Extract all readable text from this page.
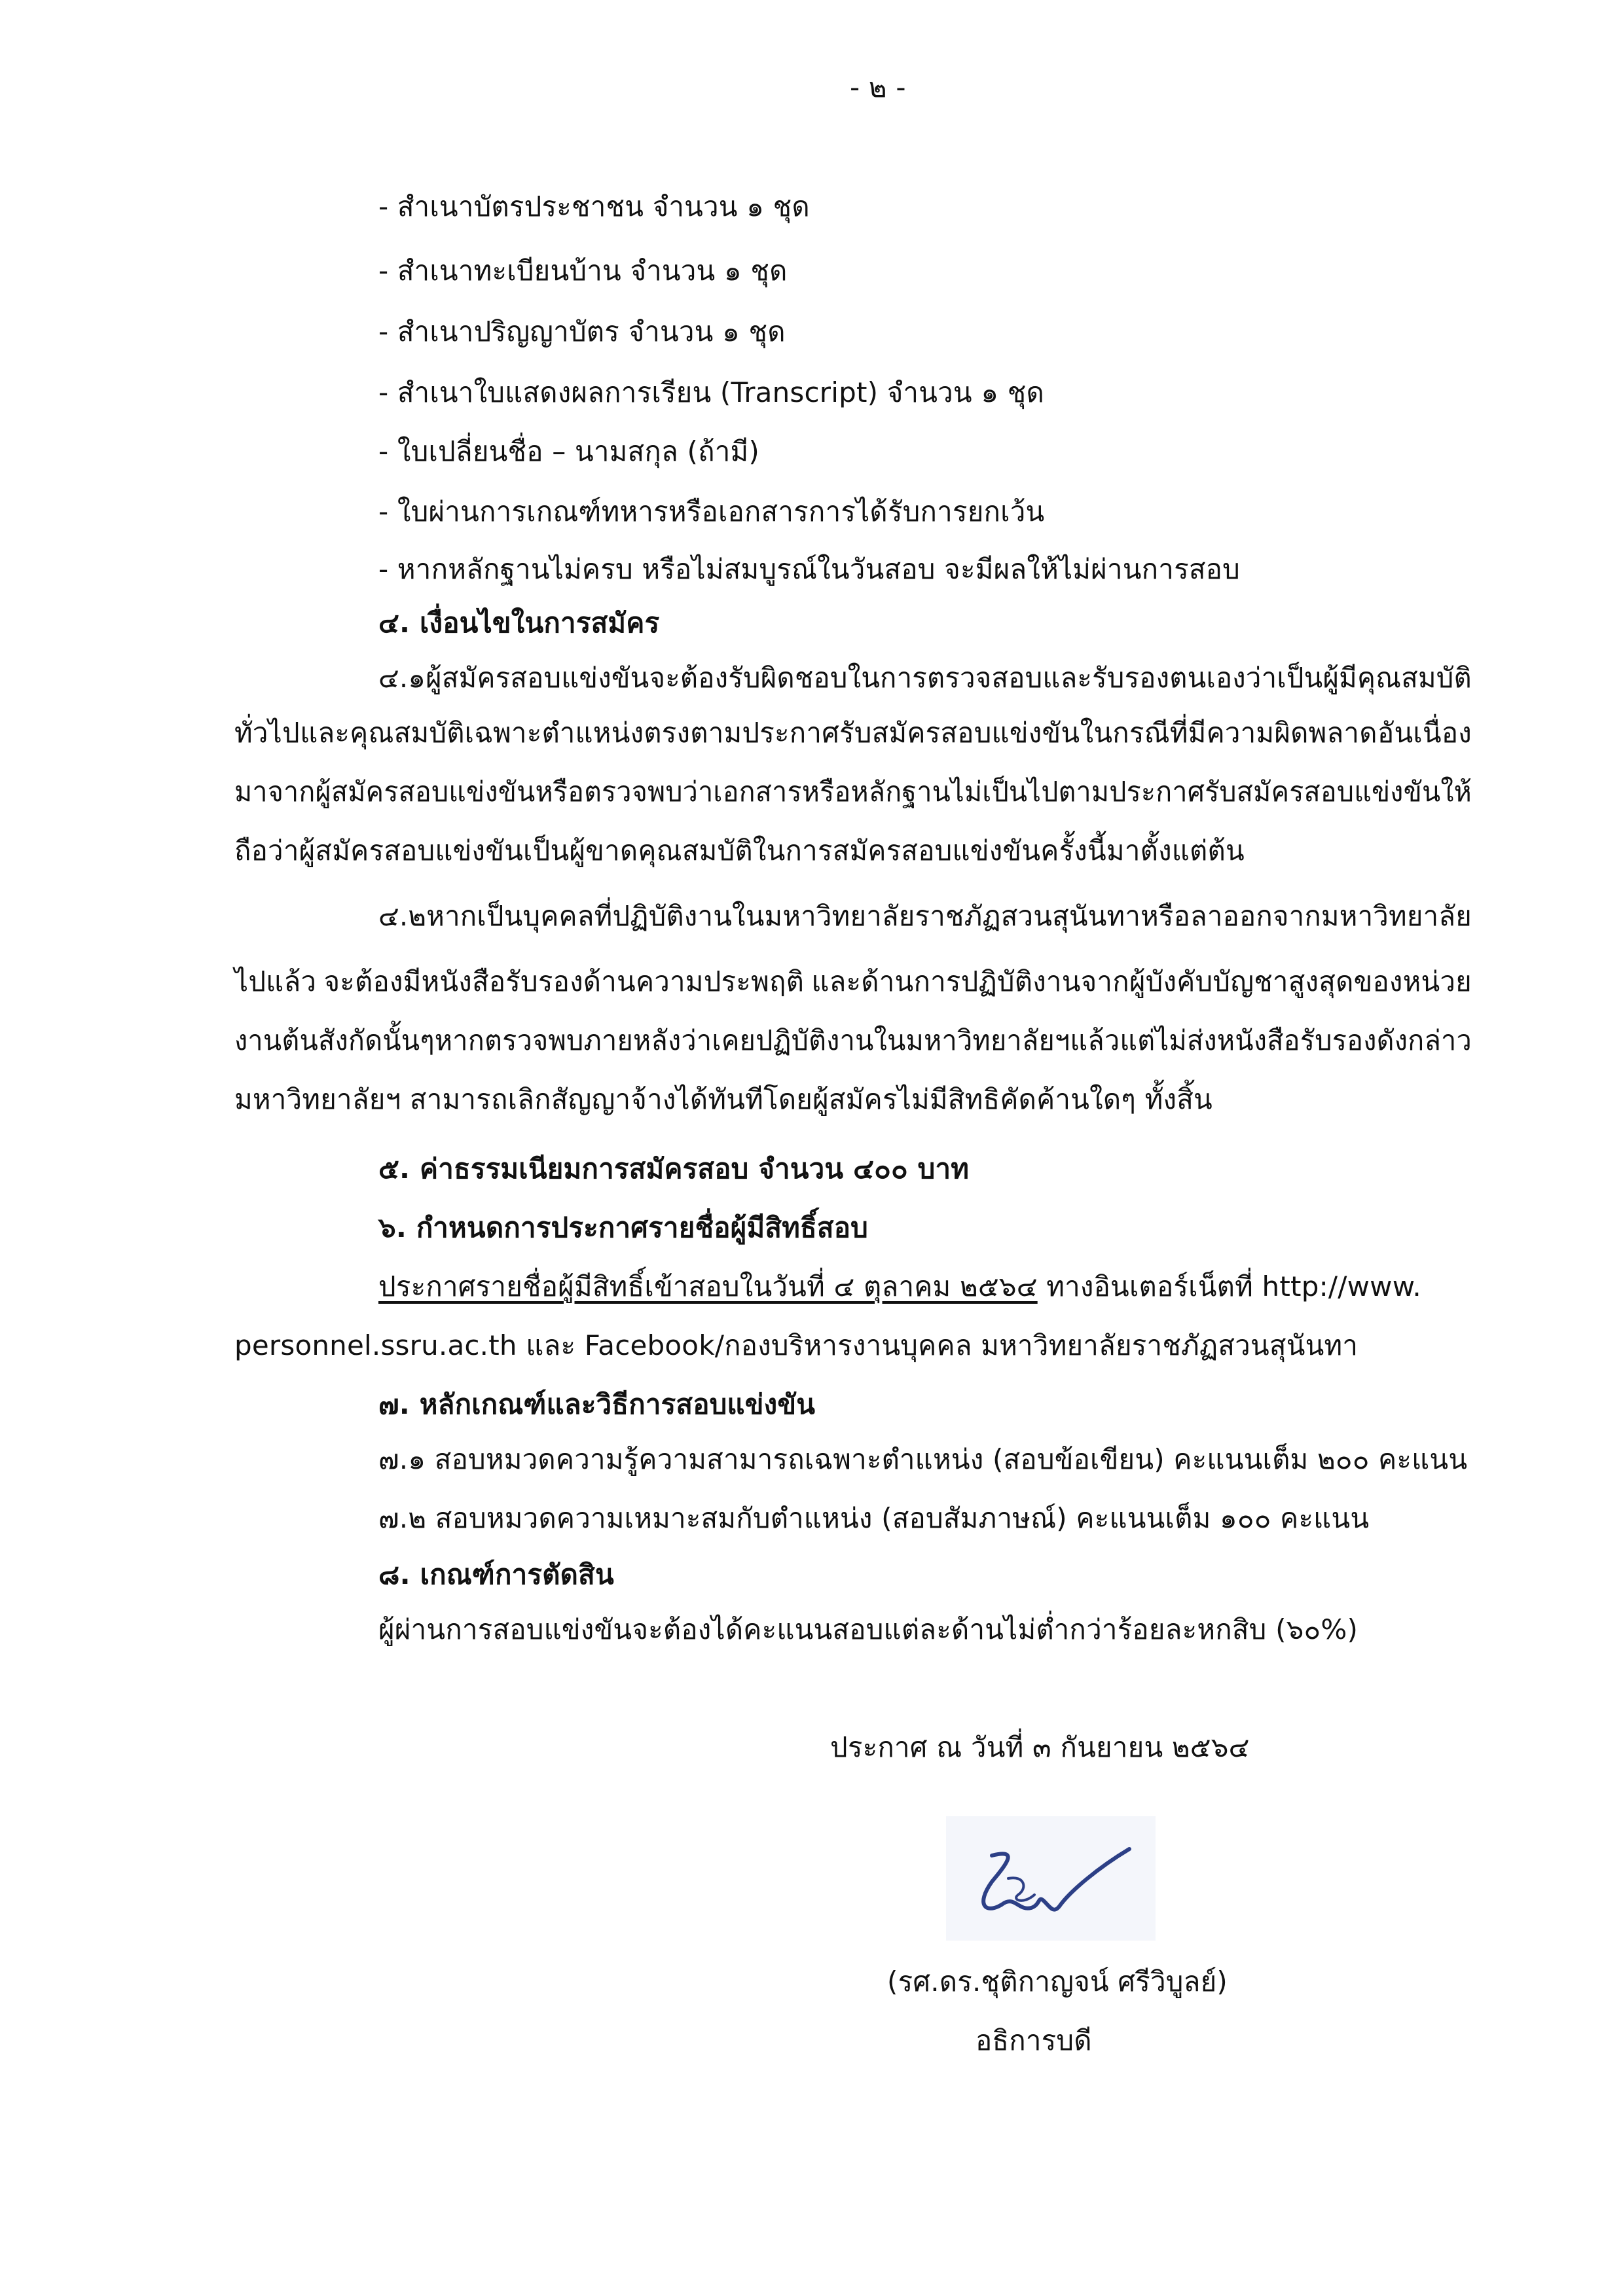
- ๒ -
- สำเนาบัตรประชาชน จำนวน ๑ ชุด
- สำเนาทะเบียนบ้าน จำนวน ๑ ชุด
- สำเนาปริญญาบัตร จำนวน ๑ ชุด
- สำเนาใบแสดงผลการเรียน (Transcript) จำนวน ๑ ชุด
- ใบเปลี่ยนชื่อ – นามสกุล (ถ้ามี)
- ใบผ่านการเกณฑ์ทหารหรือเอกสารการได้รับการยกเว้น
- หากหลักฐานไม่ครบ หรือไม่สมบูรณ์ในวันสอบ จะมีผลให้ไม่ผ่านการสอบ
๔. เงื่อนไขในการสมัคร
๔.๑ ผู้สมัครสอบแข่งขันจะต้องรับผิดชอบในการตรวจสอบ และรับรองตนเองว่าเป็นผู้มีคุณสมบัติ
ทั่วไป และคุณสมบัติเฉพาะตำแหน่งตรงตามประกาศรับสมัครสอบแข่งขัน ในกรณีที่มีความผิดพลาด อันเนื่อง
มาจากผู้สมัครสอบแข่งขัน หรือตรวจพบว่าเอกสารหรือหลักฐานไม่เป็นไปตามประกาศ รับสมัครสอบแข่งขันให้
ถือว่าผู้สมัครสอบแข่งขันเป็นผู้ขาดคุณสมบัติในการสมัครสอบแข่งขันครั้งนี้มาตั้งแต่ต้น
๔.๒ หากเป็นบุคคลที่ปฏิบัติงานในมหาวิทยาลัยราชภัฏสวนสุนันทาหรือลาออกจากมหาวิทยาลัย
ไปแล้ว จะต้องมีหนังสือรับรองด้านความประพฤติ และด้านการปฏิบัติงานจากผู้บังคับบัญชาสูงสุดของหน่วย
งานต้นสังกัดนั้นๆ หากตรวจพบภายหลังว่าเคยปฏิบัติงานในมหาวิทยาลัยฯแล้ว แต่ไม่ส่งหนังสือรับรองดังกล่าว
มหาวิทยาลัยฯ สามารถเลิกสัญญาจ้างได้ทันทีโดยผู้สมัครไม่มีสิทธิคัดค้านใดๆ ทั้งสิ้น
๕. ค่าธรรมเนียมการสมัครสอบ จำนวน ๔๐๐ บาท
๖. กำหนดการประกาศรายชื่อผู้มีสิทธิ์สอบ
ประกาศรายชื่อผู้มีสิทธิ์เข้าสอบในวันที่ ๔ ตุลาคม ๒๕๖๔ ทางอินเตอร์เน็ตที่ http://www.
personnel.ssru.ac.th และ Facebook/กองบริหารงานบุคคล มหาวิทยาลัยราชภัฏสวนสุนันทา
๗. หลักเกณฑ์และวิธีการสอบแข่งขัน
๗.๑ สอบหมวดความรู้ความสามารถเฉพาะตำแหน่ง (สอบข้อเขียน) คะแนนเต็ม ๒๐๐ คะแนน
๗.๒ สอบหมวดความเหมาะสมกับตำแหน่ง (สอบสัมภาษณ์) คะแนนเต็ม ๑๐๐ คะแนน
๘. เกณฑ์การตัดสิน
ผู้ผ่านการสอบแข่งขันจะต้องได้คะแนนสอบแต่ละด้านไม่ต่ำกว่าร้อยละหกสิบ (๖๐%)
ประกาศ ณ วันที่ ๓ กันยายน ๒๕๖๔
(รศ.ดร.ชุติกาญจน์ ศรีวิบูลย์)
อธิการบดี
